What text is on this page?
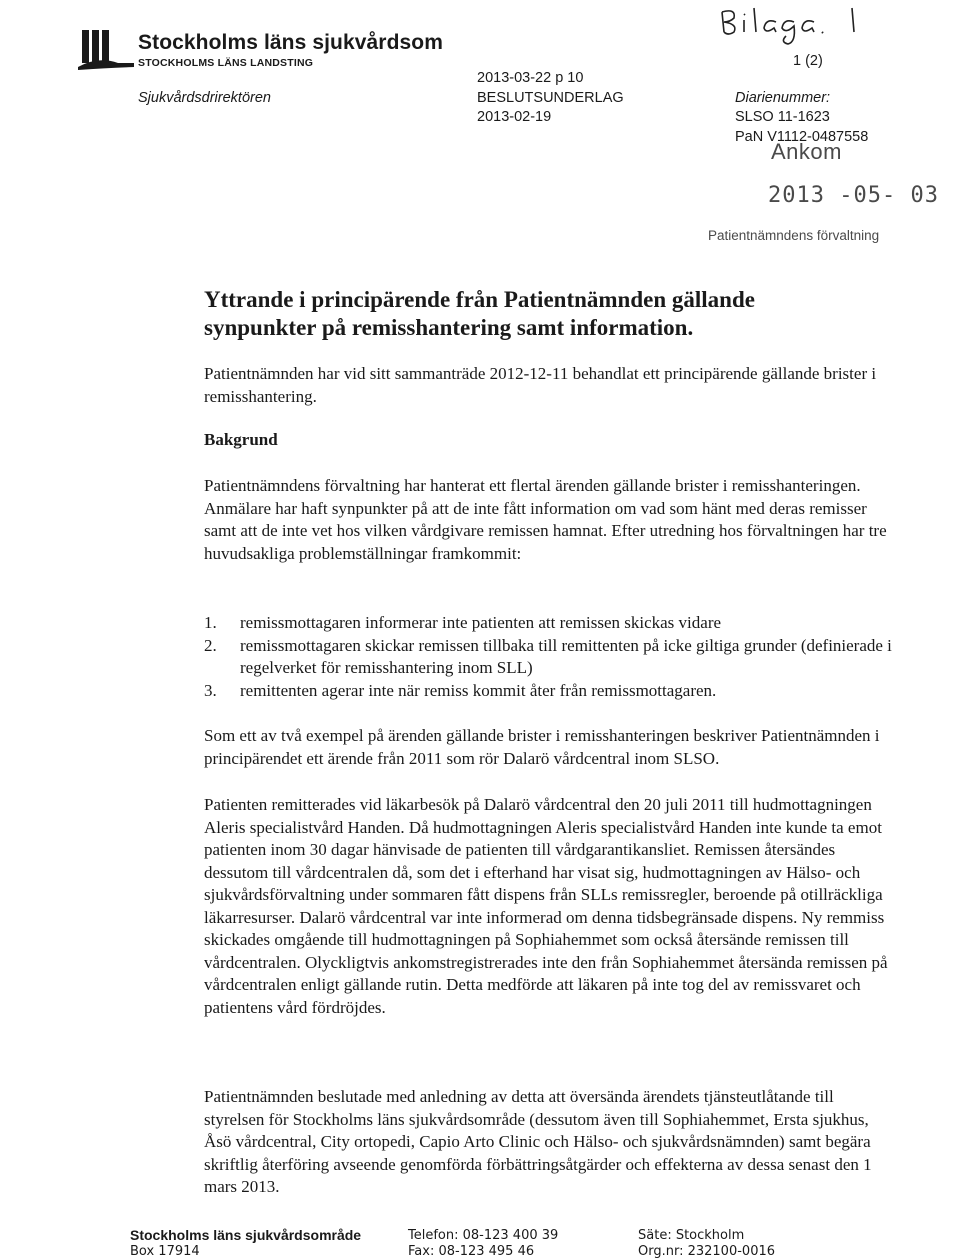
Stockholms läns sjukvårdsom
STOCKHOLMS LÄNS LANDSTING
Sjukvårdsdrirektören
2013-03-22 p 10
BESLUTSUNDERLAG
2013-02-19
1 (2)
Diarienummer:
SLSO 11-1623
PaN V1112-0487558
Ankom
2013 -05- 03
Patientnämndens förvaltning
Yttrande i principärende från Patientnämnden gällande
synpunkter på remisshantering samt information.

Patientnämnden har vid sitt sammanträde 2012-12-11 behandlat ett principärende gällande brister i remisshantering.

Bakgrund

Patientnämndens förvaltning har hanterat ett flertal ärenden gällande brister i remisshanteringen. Anmälare har haft synpunkter på att de inte fått information om vad som hänt med deras remisser samt att de inte vet hos vilken vårdgivare remissen hamnat. Efter utredning hos förvaltningen har tre huvudsakliga problemställningar framkommit:

1. remissmottagaren informerar inte patienten att remissen skickas vidare
2. remissmottagaren skickar remissen tillbaka till remittenten på icke giltiga grunder (definierade i regelverket för remisshantering inom SLL)
3. remittenten agerar inte när remiss kommit åter från remissmottagaren.

Som ett av två exempel på ärenden gällande brister i remisshanteringen beskriver Patientnämnden i principärendet ett ärende från 2011 som rör Dalarö vårdcentral inom SLSO.

Patienten remitterades vid läkarbesök på Dalarö vårdcentral den 20 juli 2011 till hudmottagningen Aleris specialistvård Handen. Då hudmottagningen Aleris specialistvård Handen inte kunde ta emot patienten inom 30 dagar hänvisade de patienten till vårdgarantikansliet. Remissen återsändes dessutom till vårdcentralen då, som det i efterhand har visat sig, hudmottagningen av Hälso- och sjukvårdsförvaltning under sommaren fått dispens från SLLs remissregler, beroende på otillräckliga läkarresurser. Dalarö vårdcentral var inte informerad om denna tidsbegränsade dispens. Ny remmiss skickades omgående till hudmottagningen på Sophiahemmet som också återsände remissen till vårdcentralen. Olyckligtvis ankomstregistrerades inte den från Sophiahemmet återsända remissen på vårdcentralen enligt gällande rutin. Detta medförde att läkaren på inte tog del av remissvaret och patientens vård fördröjdes.

Patientnämnden beslutade med anledning av detta att översända ärendets tjänsteutlåtande till styrelsen för Stockholms läns sjukvårdsområde (dessutom även till Sophiahemmet, Ersta sjukhus, Åsö vårdcentral, City ortopedi, Capio Arto Clinic och Hälso- och sjukvårdsnämnden) samt begära skriftlig återföring avseende genomförda förbättringsåtgärder och effekterna av dessa senast den 1 mars 2013.

Stockholms läns sjukvårdsområde
Box 17914
Telefon: 08-123 400 39
Fax: 08-123 495 46
Säte: Stockholm
Org.nr: 232100-0016
